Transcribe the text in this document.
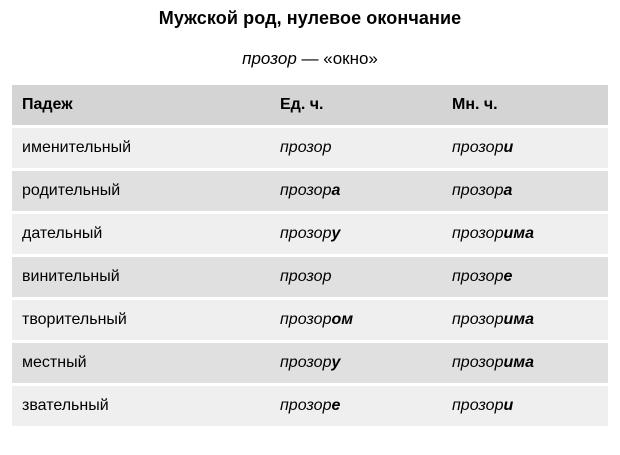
Мужской род, нулевое окончание
прозор — «окно»
Падеж	Ед. ч.	Мн. ч.
именительный	прозор	прозори
родительный	прозора	прозора
дательный	прозору	прозорима
винительный	прозор	прозоре
творительный	прозором	прозорима
местный	прозору	прозорима
звательный	прозоре	прозори
